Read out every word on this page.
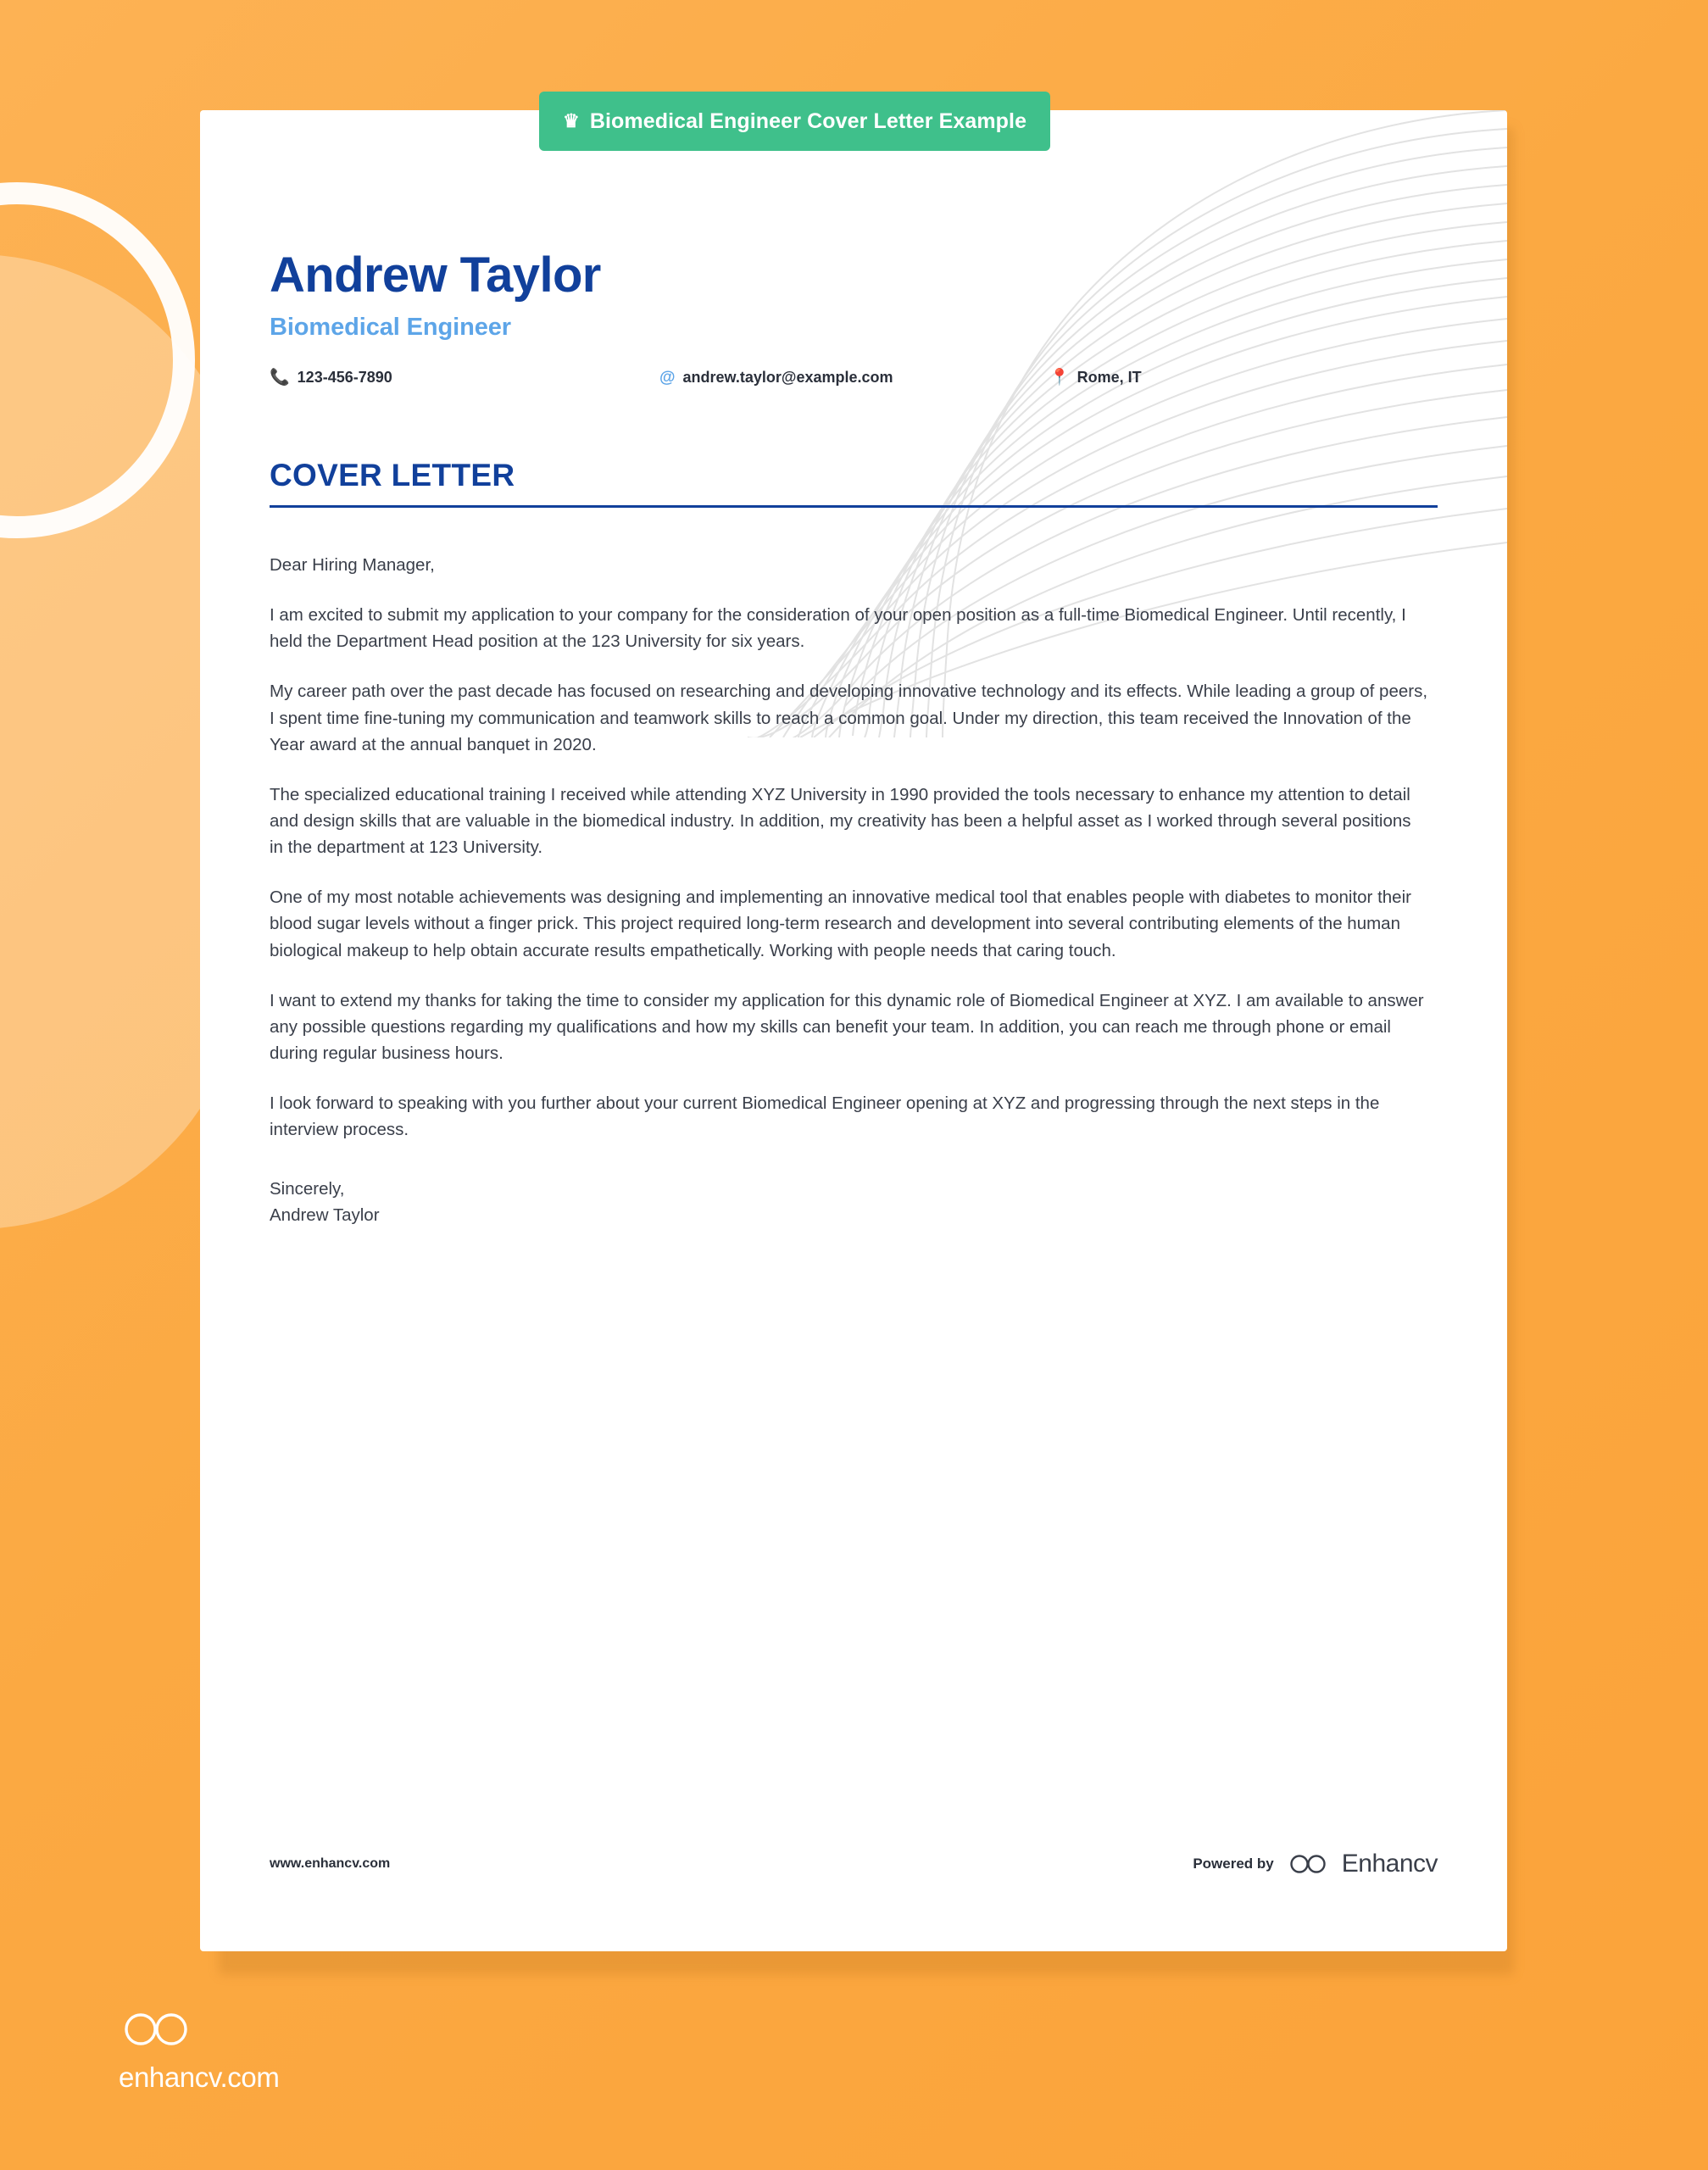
Andrew Taylor
Biomedical Engineer
📞 123-456-7890	@ andrew.taylor@example.com	📍 Rome, IT
COVER LETTER

Dear Hiring Manager,

I am excited to submit my application to your company for the consideration of your open position as a full-time Biomedical Engineer. Until recently, I held the Department Head position at the 123 University for six years.

My career path over the past decade has focused on researching and developing innovative technology and its effects. While leading a group of peers, I spent time fine-tuning my communication and teamwork skills to reach a common goal. Under my direction, this team received the Innovation of the Year award at the annual banquet in 2020.

The specialized educational training I received while attending XYZ University in 1990 provided the tools necessary to enhance my attention to detail and design skills that are valuable in the biomedical industry. In addition, my creativity has been a helpful asset as I worked through several positions in the department at 123 University.

One of my most notable achievements was designing and implementing an innovative medical tool that enables people with diabetes to monitor their blood sugar levels without a finger prick. This project required long-term research and development into several contributing elements of the human biological makeup to help obtain accurate results empathetically. Working with people needs that caring touch.

I want to extend my thanks for taking the time to consider my application for this dynamic role of Biomedical Engineer at XYZ. I am available to answer any possible questions regarding my qualifications and how my skills can benefit your team. In addition, you can reach me through phone or email during regular business hours.

I look forward to speaking with you further about your current Biomedical Engineer opening at XYZ and progressing through the next steps in the interview process.

Sincerely,
Andrew Taylor
www.enhancv.com	Powered by	Enhancv
♛ Biomedical Engineer Cover Letter Example
enhancv.com
